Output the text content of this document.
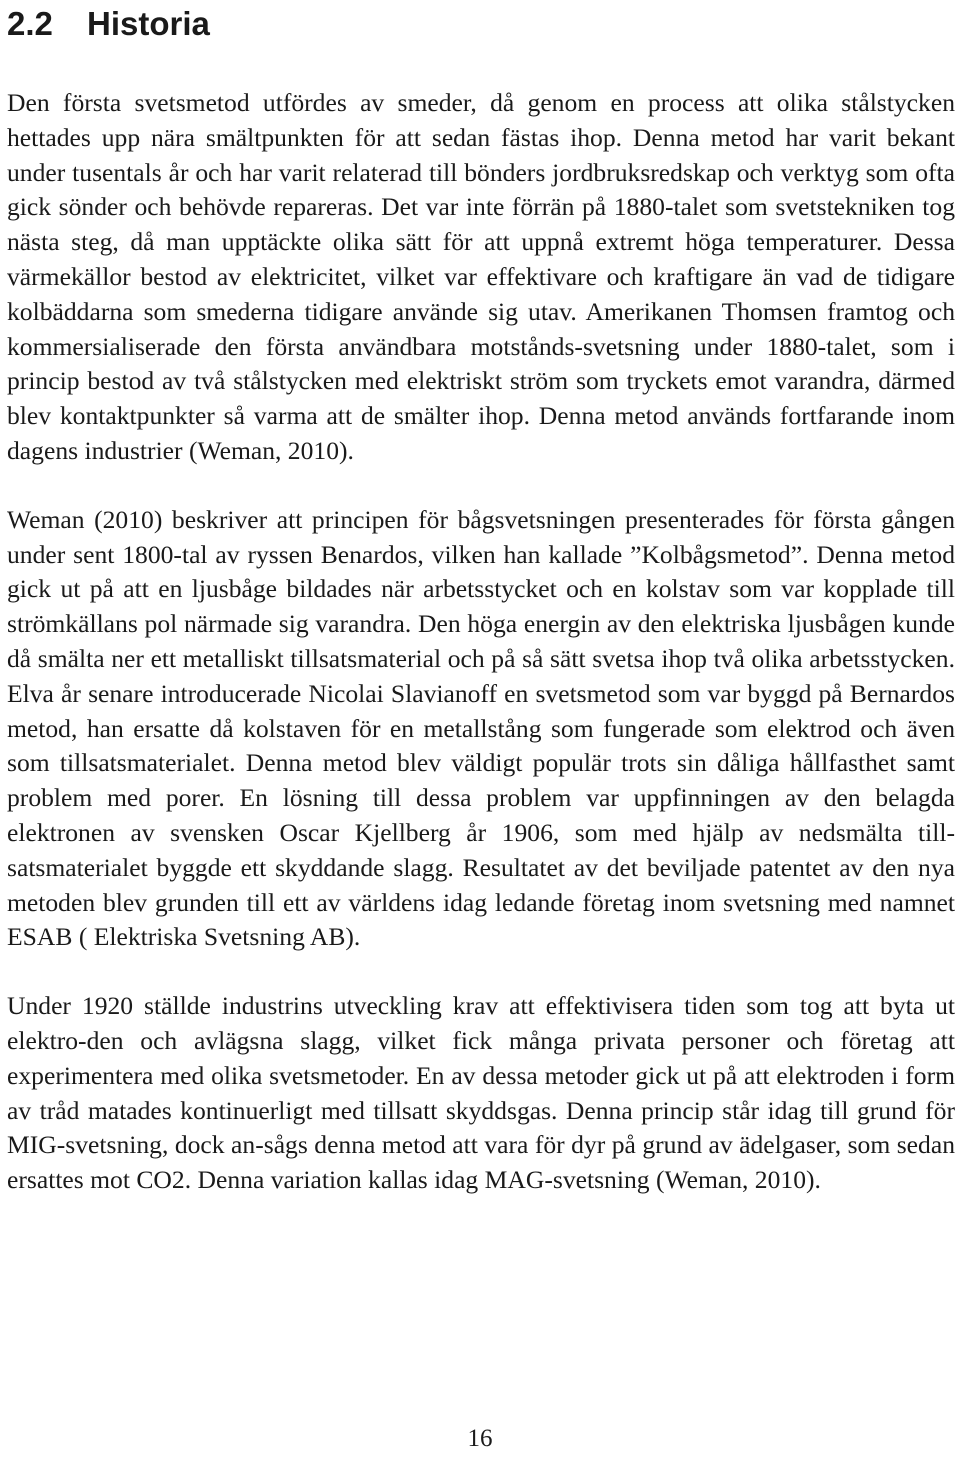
2.2 Historia

Den första svetsmetod utfördes av smeder, då genom en process att olika stålstycken hettades upp nära smältpunkten för att sedan fästas ihop. Denna metod har varit bekant under tusentals år och har varit relaterad till bönders jordbruksredskap och verktyg som ofta gick sönder och behövde repareras. Det var inte förrän på 1880-talet som svetstekniken tog nästa steg, då man upptäckte olika sätt för att uppnå extremt höga temperaturer. Dessa värmekällor bestod av elektricitet, vilket var effektivare och kraftigare än vad de tidigare kolbäddarna som smederna tidigare använde sig utav. Amerikanen Thomsen framtog och kommersialiserade den första användbara motstånds-svetsning under 1880-talet, som i princip bestod av två stålstycken med elektriskt ström som tryckets emot varandra, därmed blev kontaktpunkter så varma att de smälter ihop. Denna metod används fortfarande inom dagens industrier (Weman, 2010).

Weman (2010) beskriver att principen för bågsvetsningen presenterades för första gången under sent 1800-tal av ryssen Benardos, vilken han kallade ”Kolbågsmetod”. Denna metod gick ut på att en ljusbåge bildades när arbetsstycket och en kolstav som var kopplade till strömkällans pol närmade sig varandra. Den höga energin av den elektriska ljusbågen kunde då smälta ner ett metalliskt tillsatsmaterial och på så sätt svetsa ihop två olika arbetsstycken. Elva år senare introducerade Nicolai Slavianoff en svetsmetod som var byggd på Bernardos metod, han ersatte då kolstaven för en metallstång som fungerade som elektrod och även som tillsatsmaterialet. Denna metod blev väldigt populär trots sin dåliga hållfasthet samt problem med porer. En lösning till dessa problem var uppfinningen av den belagda elektronen av svensken Oscar Kjellberg år 1906, som med hjälp av nedsmälta till-satsmaterialet byggde ett skyddande slagg. Resultatet av det beviljade patentet av den nya metoden blev grunden till ett av världens idag ledande företag inom svetsning med namnet ESAB ( Elektriska Svetsning AB).

Under 1920 ställde industrins utveckling krav att effektivisera tiden som tog att byta ut elektro-den och avlägsna slagg, vilket fick många privata personer och företag att experimentera med olika svetsmetoder. En av dessa metoder gick ut på att elektroden i form av tråd matades kontinuerligt med tillsatt skyddsgas. Denna princip står idag till grund för MIG-svetsning, dock an-sågs denna metod att vara för dyr på grund av ädelgaser, som sedan ersattes mot CO2. Denna variation kallas idag MAG-svetsning (Weman, 2010).

16
